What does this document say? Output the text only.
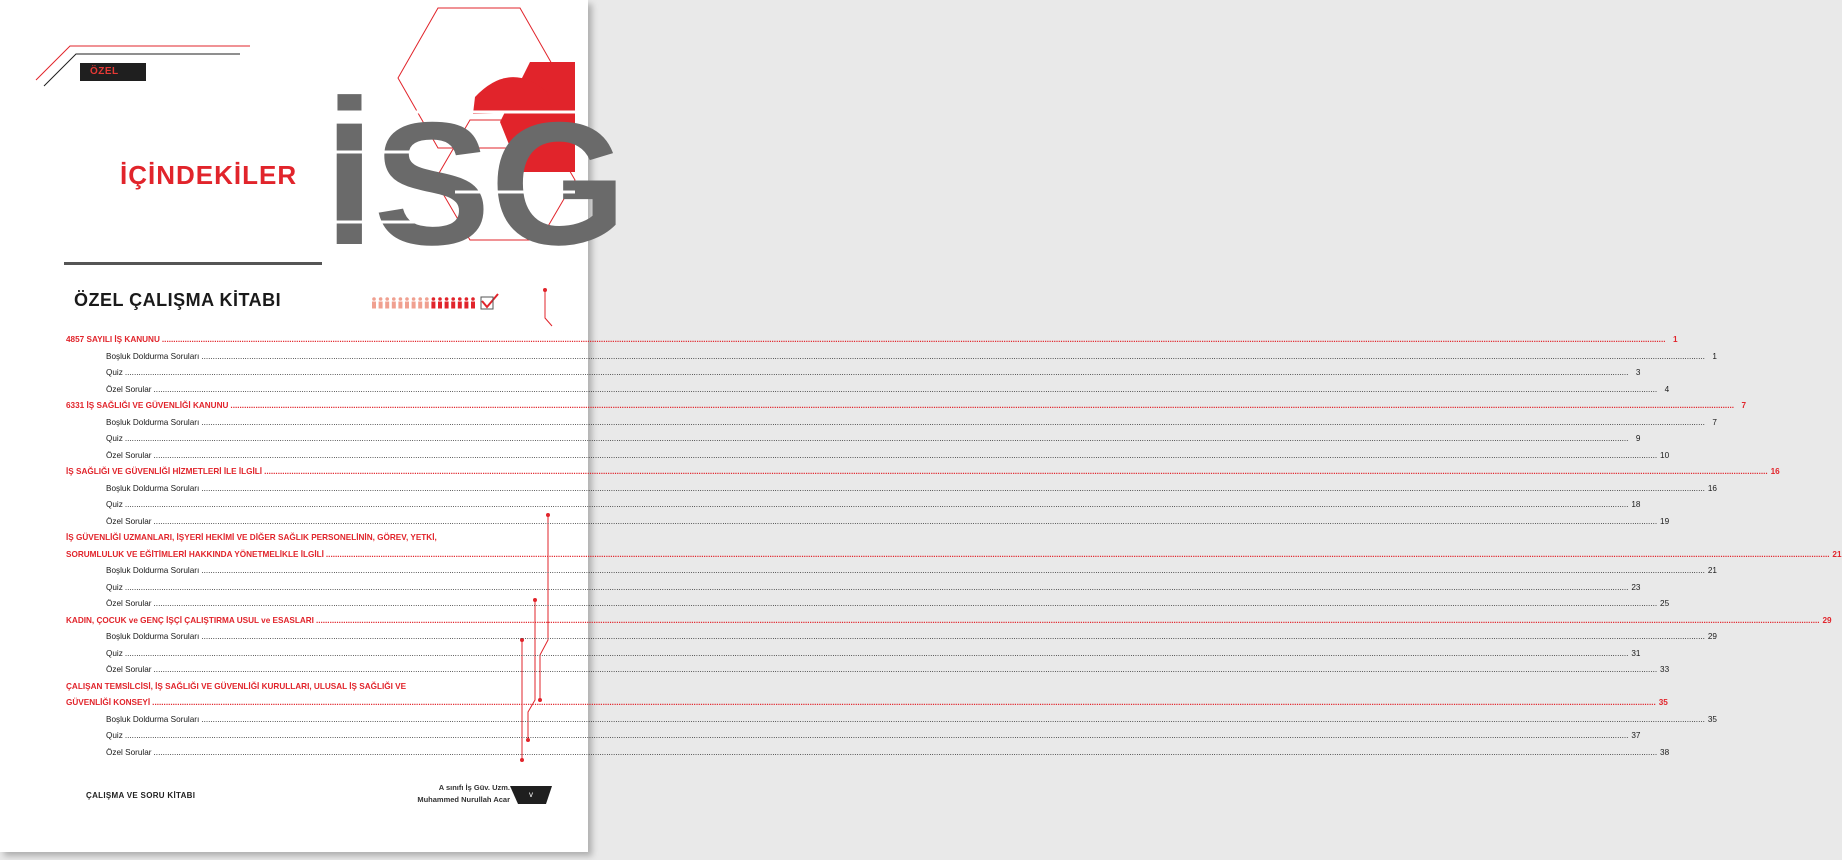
ÖZEL
İÇİNDEKİLER İSG
ÖZEL ÇALIŞMA KİTABI
4857 SAYILI İŞ KANUNU .....	1
Boşluk Doldurma Soruları .....	1
Quiz .....	3
Özel Sorular .....	4
6331 İŞ SAĞLIĞI VE GÜVENLİĞİ KANUNU .....	7
Boşluk Doldurma Soruları .....	7
Quiz .....	9
Özel Sorular .....	10
İŞ SAĞLIĞI VE GÜVENLİĞİ HİZMETLERİ İLE İLGİLİ .....	16
Boşluk Doldurma Soruları .....	16
Quiz .....	18
Özel Sorular .....	19
İŞ GÜVENLİĞİ UZMANLARI, İŞYERİ HEKİMİ VE DİĞER SAĞLIK PERSONELİNİN, GÖREV, YETKİ,
SORUMLULUK VE EĞİTİMLERİ HAKKINDA YÖNETMELİKLE İLGİLİ .....	21
Boşluk Doldurma Soruları .....	21
Quiz .....	23
Özel Sorular .....	25
KADIN, ÇOCUK ve GENÇ İŞÇİ ÇALIŞTIRMA USUL ve ESASLARI .....	29
Boşluk Doldurma Soruları .....	29
Quiz .....	31
Özel Sorular .....	33
ÇALIŞAN TEMSİLCİSİ, İŞ SAĞLIĞI VE GÜVENLİĞİ KURULLARI, ULUSAL İŞ SAĞLIĞI VE
GÜVENLİĞİ KONSEYİ .....	35
Boşluk Doldurma Soruları .....	35
Quiz .....	37
Özel Sorular .....	38
ÇALIŞMA VE SORU KİTABI
A sınıfı İş Güv. Uzm.
Muhammed Nurullah Acar
v
